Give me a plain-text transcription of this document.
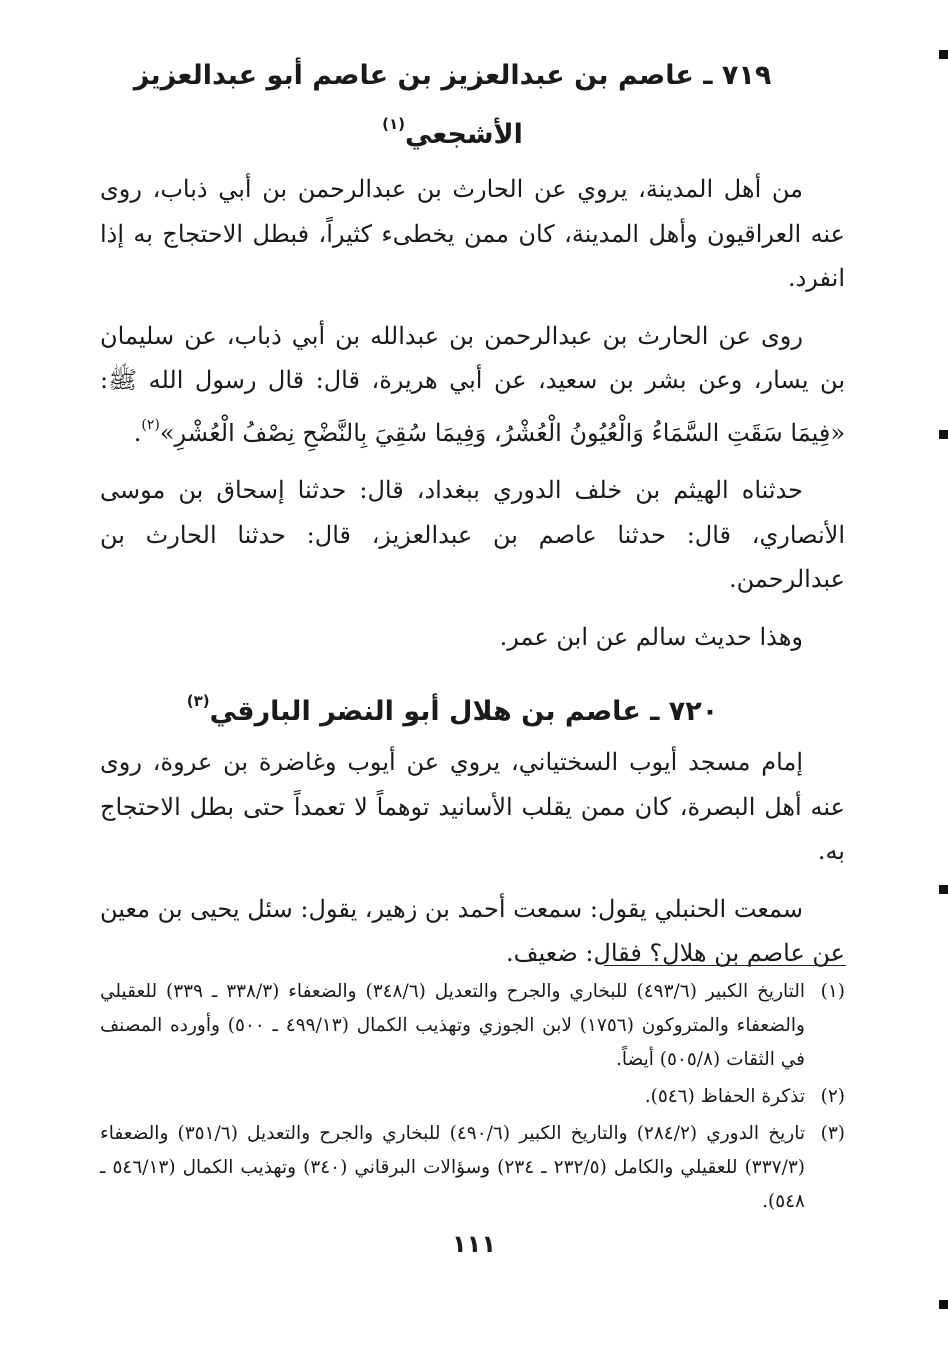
٧١٩ ـ عاصم بن عبدالعزيز بن عاصم أبو عبدالعزيز الأشجعي$^{(١)}$

من أهل المدينة، يروي عن الحارث بن عبدالرحمن بن أبي ذباب، روى عنه العراقيون وأهل المدينة، كان ممن يخطىء كثيراً، فبطل الاحتجاج به إذا انفرد.

روى عن الحارث بن عبدالرحمن بن عبدالله بن أبي ذباب، عن سليمان بن يسار، وعن بشر بن سعيد، عن أبي هريرة، قال: قال رسول الله ﷺ: «فِيمَا سَقَتِ السَّمَاءُ وَالْعُيُونُ الْعُشْرُ، وَفِيمَا سُقِيَ بِالنَّضْحِ نِصْفُ الْعُشْرِ»$^{(٢)}$.

حدثناه الهيثم بن خلف الدوري ببغداد، قال: حدثنا إسحاق بن موسى الأنصاري، قال: حدثنا عاصم بن عبدالعزيز، قال: حدثنا الحارث بن عبدالرحمن.

وهذا حديث سالم عن ابن عمر.

٧٢٠ ـ عاصم بن هلال أبو النضر البارقي$^{(٣)}$

إمام مسجد أيوب السختياني، يروي عن أيوب وغاضرة بن عروة، روى عنه أهل البصرة، كان ممن يقلب الأسانيد توهماً لا تعمداً حتى بطل الاحتجاج به.

سمعت الحنبلي يقول: سمعت أحمد بن زهير، يقول: سئل يحيى بن معين عن عاصم بن هلال؟ فقال: ضعيف.

(١)
التاريخ الكبير (٤٩٣/٦) للبخاري والجرح والتعديل (٣٤٨/٦) والضعفاء (٣٣٨/٣ ـ ٣٣٩) للعقيلي والضعفاء والمتروكون (١٧٥٦) لابن الجوزي وتهذيب الكمال (٤٩٩/١٣ ـ ٥٠٠) وأورده المصنف في الثقات (٥٠٥/٨) أيضاً.
(٢)
تذكرة الحفاظ (٥٤٦).
(٣)
تاريخ الدوري (٢٨٤/٢) والتاريخ الكبير (٤٩٠/٦) للبخاري والجرح والتعديل (٣٥١/٦) والضعفاء (٣٣٧/٣) للعقيلي والكامل (٢٣٢/٥ ـ ٢٣٤) وسؤالات البرقاني (٣٤٠) وتهذيب الكمال (٥٤٦/١٣ ـ ٥٤٨).
١١١
